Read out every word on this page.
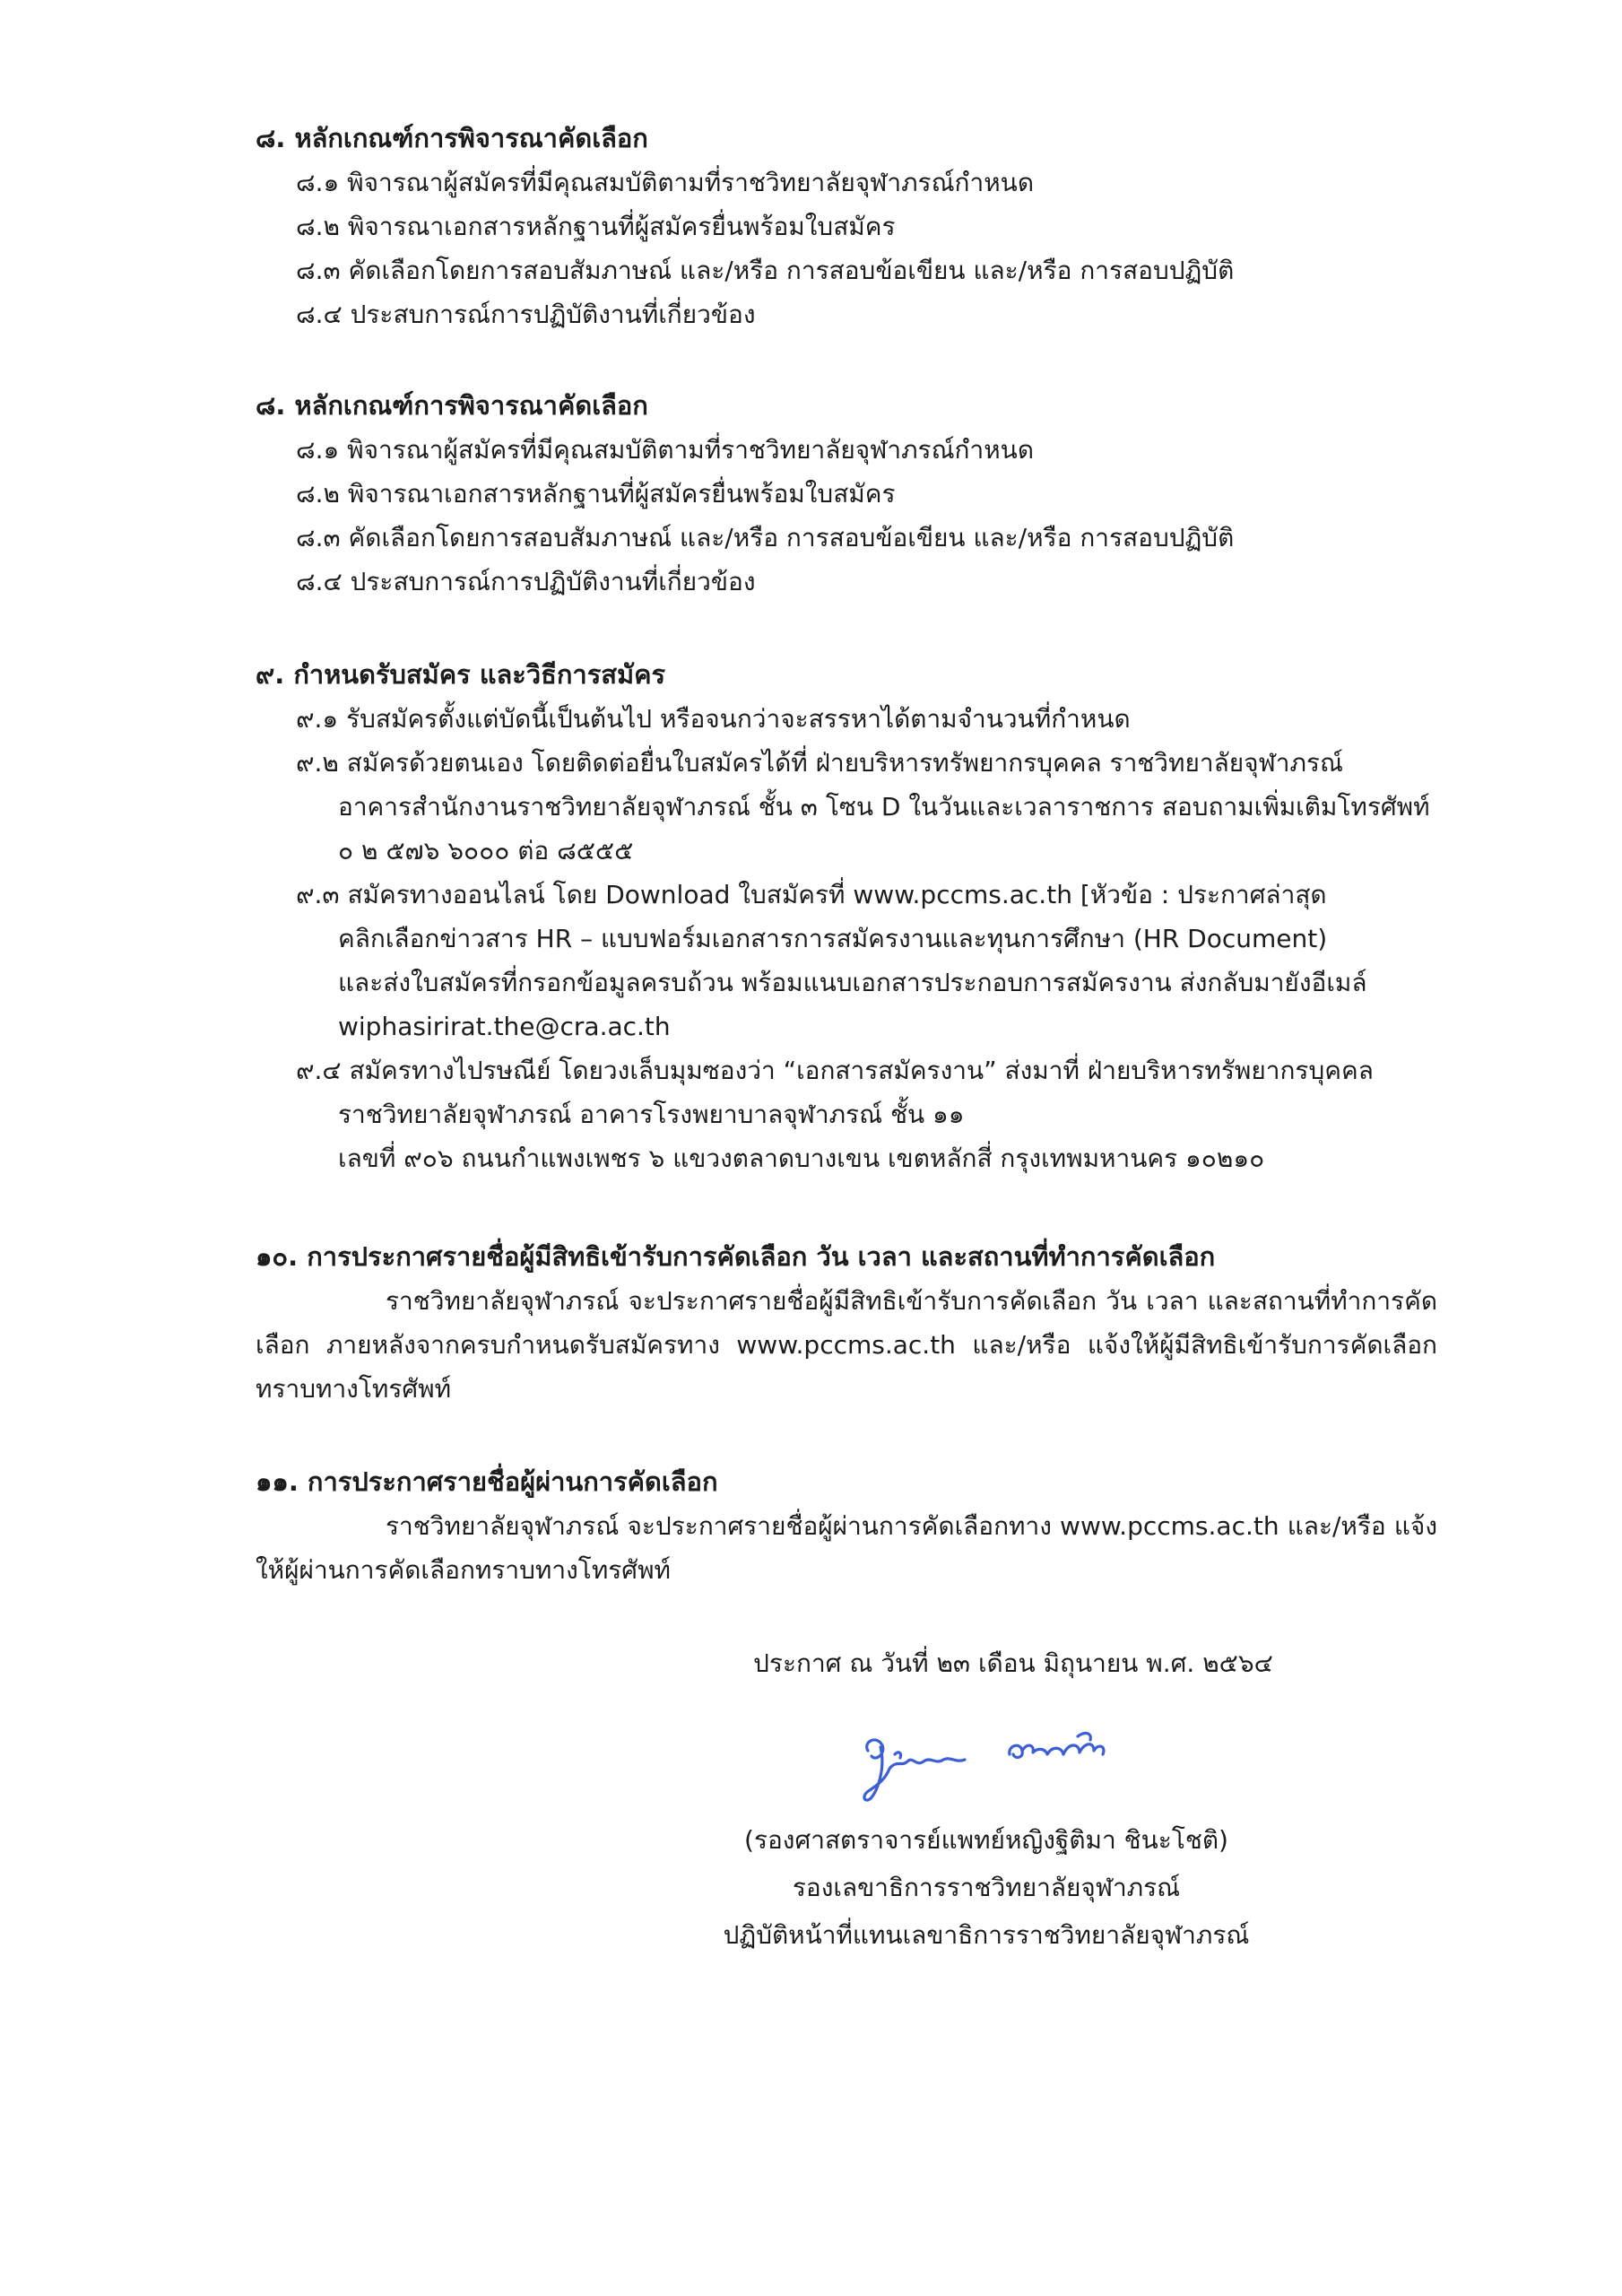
๘. หลักเกณฑ์การพิจารณาคัดเลือก
๘.๑ พิจารณาผู้สมัครที่มีคุณสมบัติตามที่ราชวิทยาลัยจุฬาภรณ์กำหนด
๘.๒ พิจารณาเอกสารหลักฐานที่ผู้สมัครยื่นพร้อมใบสมัคร
๘.๓ คัดเลือกโดยการสอบสัมภาษณ์ และ/หรือ การสอบข้อเขียน และ/หรือ การสอบปฏิบัติ
๘.๔ ประสบการณ์การปฏิบัติงานที่เกี่ยวข้อง
๘. หลักเกณฑ์การพิจารณาคัดเลือก
๘.๑ พิจารณาผู้สมัครที่มีคุณสมบัติตามที่ราชวิทยาลัยจุฬาภรณ์กำหนด
๘.๒ พิจารณาเอกสารหลักฐานที่ผู้สมัครยื่นพร้อมใบสมัคร
๘.๓ คัดเลือกโดยการสอบสัมภาษณ์ และ/หรือ การสอบข้อเขียน และ/หรือ การสอบปฏิบัติ
๘.๔ ประสบการณ์การปฏิบัติงานที่เกี่ยวข้อง
๙. กำหนดรับสมัคร และวิธีการสมัคร
๙.๑ รับสมัครตั้งแต่บัดนี้เป็นต้นไป หรือจนกว่าจะสรรหาได้ตามจำนวนที่กำหนด
๙.๒ สมัครด้วยตนเอง โดยติดต่อยื่นใบสมัครได้ที่ ฝ่ายบริหารทรัพยากรบุคคล ราชวิทยาลัยจุฬาภรณ์
อาคารสำนักงานราชวิทยาลัยจุฬาภรณ์ ชั้น ๓ โซน D ในวันและเวลาราชการ สอบถามเพิ่มเติมโทรศัพท์
๐ ๒ ๕๗๖ ๖๐๐๐ ต่อ ๘๕๕๕
๙.๓ สมัครทางออนไลน์ โดย Download ใบสมัครที่ www.pccms.ac.th [หัวข้อ : ประกาศล่าสุด
คลิกเลือกข่าวสาร HR – แบบฟอร์มเอกสารการสมัครงานและทุนการศึกษา (HR Document)
และส่งใบสมัครที่กรอกข้อมูลครบถ้วน พร้อมแนบเอกสารประกอบการสมัครงาน ส่งกลับมายังอีเมล์
wiphasirirat.the@cra.ac.th
๙.๔ สมัครทางไปรษณีย์ โดยวงเล็บมุมซองว่า “เอกสารสมัครงาน” ส่งมาที่ ฝ่ายบริหารทรัพยากรบุคคล
ราชวิทยาลัยจุฬาภรณ์ อาคารโรงพยาบาลจุฬาภรณ์ ชั้น ๑๑
เลขที่ ๙๐๖ ถนนกำแพงเพชร ๖ แขวงตลาดบางเขน เขตหลักสี่ กรุงเทพมหานคร ๑๐๒๑๐
๑๐. การประกาศรายชื่อผู้มีสิทธิเข้ารับการคัดเลือก วัน เวลา และสถานที่ทำการคัดเลือก
ราชวิทยาลัยจุฬาภรณ์ จะประกาศรายชื่อผู้มีสิทธิเข้ารับการคัดเลือก วัน เวลา และสถานที่ทำการคัดเลือก ภายหลังจากครบกำหนดรับสมัครทาง www.pccms.ac.th และ/หรือ แจ้งให้ผู้มีสิทธิเข้ารับการคัดเลือกทราบทางโทรศัพท์
๑๑. การประกาศรายชื่อผู้ผ่านการคัดเลือก
ราชวิทยาลัยจุฬาภรณ์ จะประกาศรายชื่อผู้ผ่านการคัดเลือกทาง www.pccms.ac.th และ/หรือ แจ้งให้ผู้ผ่านการคัดเลือกทราบทางโทรศัพท์
ประกาศ ณ วันที่ ๒๓ เดือน มิถุนายน พ.ศ. ๒๕๖๔
(รองศาสตราจารย์แพทย์หญิงฐิติมา ชินะโชติ)
รองเลขาธิการราชวิทยาลัยจุฬาภรณ์
ปฏิบัติหน้าที่แทนเลขาธิการราชวิทยาลัยจุฬาภรณ์
